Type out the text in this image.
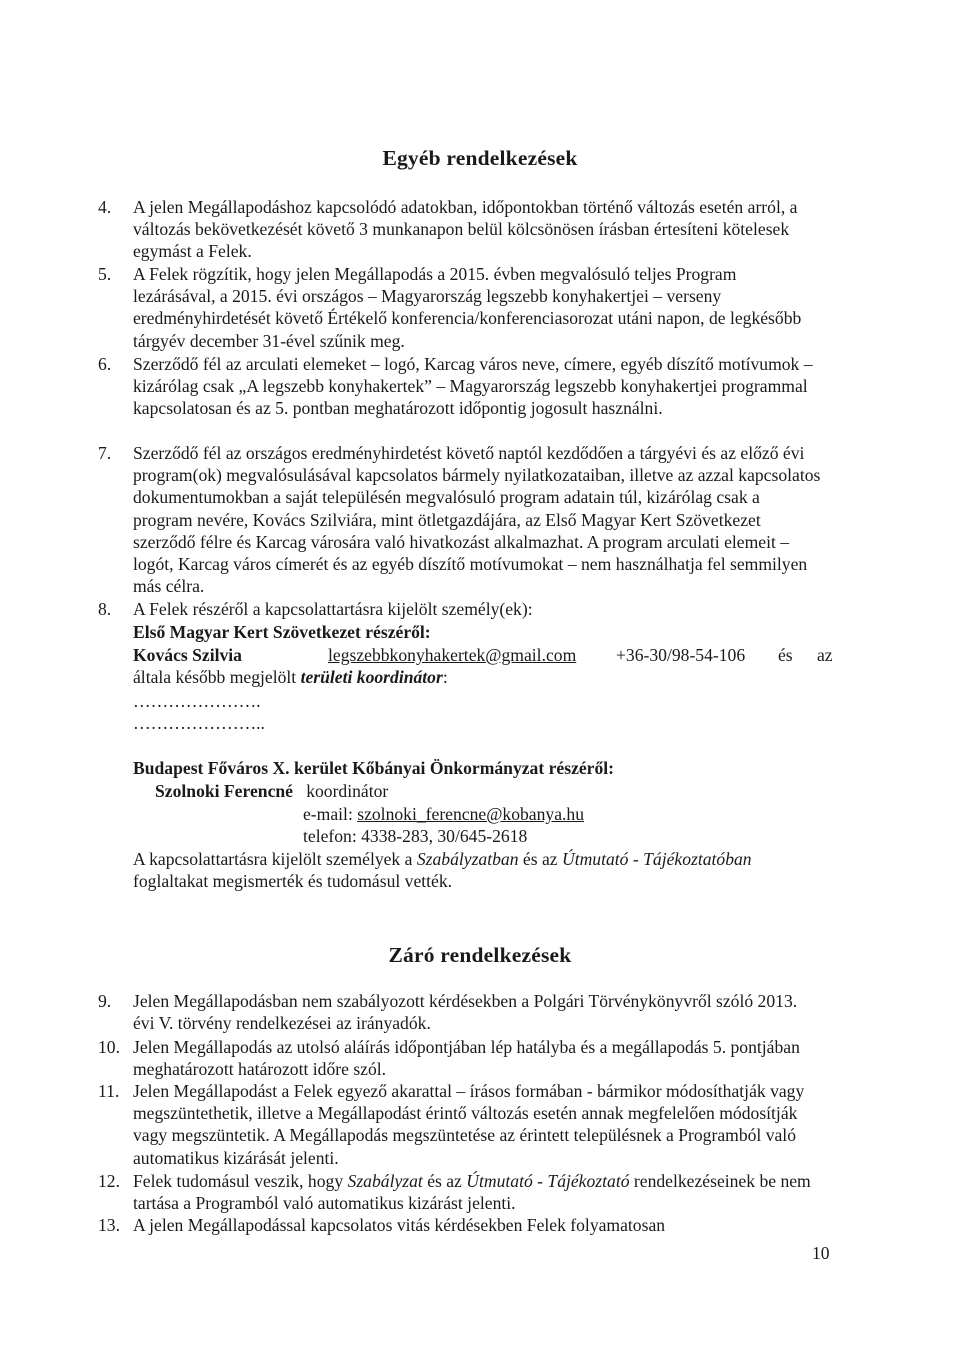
Egyéb rendelkezések
4. A jelen Megállapodáshoz kapcsolódó adatokban, időpontokban történő változás esetén arról, a változás bekövetkezését követő 3 munkanapon belül kölcsönösen írásban értesíteni kötelesek egymást a Felek.
5. A Felek rögzítik, hogy jelen Megállapodás a 2015. évben megvalósuló teljes Program lezárásával, a 2015. évi országos – Magyarország legszebb konyhakertjei – verseny eredményhirdetését követő Értékelő konferencia/konferenciasorozat utáni napon, de legkésőbb tárgyév december 31-ével szűnik meg.
6. Szerződő fél az arculati elemeket – logó, Karcag város neve, címere, egyéb díszítő motívumok – kizárólag csak „A legszebb konyhakertek” – Magyarország legszebb konyhakertjei programmal kapcsolatosan és az 5. pontban meghatározott időpontig jogosult használni.
7. Szerződő fél az országos eredményhirdetést követő naptól kezdődően a tárgyévi és az előző évi program(ok) megvalósulásával kapcsolatos bármely nyilatkozataiban, illetve az azzal kapcsolatos dokumentumokban a saját településén megvalósuló program adatain túl, kizárólag csak a program nevére, Kovács Szilviára, mint ötletgazdájára, az Első Magyar Kert Szövetkezet szerződő félre és Karcag városára való hivatkozást alkalmazhat. A program arculati elemeit – logót, Karcag város címerét és az egyéb díszítő motívumokat – nem használhatja fel semmilyen más célra.
8. A Felek részéről a kapcsolattartásra kijelölt személy(ek):
Első Magyar Kert Szövetkezet részéről:
Kovács Szilvia	legszebbkonyhakertek@gmail.com +36-30/98-54-106 és az
általa később megjelölt területi koordinátor:
………………….
…………………..
Budapest Főváros X. kerület Kőbányai Önkormányzat részéről:
Szolnoki Ferencné koordinátor
e-mail: szolnoki_ferencne@kobanya.hu
telefon: 4338-283, 30/645-2618
A kapcsolattartásra kijelölt személyek a Szabályzatban és az Útmutató - Tájékoztatóban foglaltakat megismerték és tudomásul vették.
Záró rendelkezések
9. Jelen Megállapodásban nem szabályozott kérdésekben a Polgári Törvénykönyvről szóló 2013. évi V. törvény rendelkezései az irányadók.
10. Jelen Megállapodás az utolsó aláírás időpontjában lép hatályba és a megállapodás 5. pontjában meghatározott határozott időre szól.
11. Jelen Megállapodást a Felek egyező akarattal – írásos formában - bármikor módosíthatják vagy megszüntethetik, illetve a Megállapodást érintő változás esetén annak megfelelően módosítják vagy megszüntetik. A Megállapodás megszüntetése az érintett településnek a Programból való automatikus kizárását jelenti.
12. Felek tudomásul veszik, hogy Szabályzat és az Útmutató - Tájékoztató rendelkezéseinek be nem tartása a Programból való automatikus kizárást jelenti.
13. A jelen Megállapodással kapcsolatos vitás kérdésekben Felek folyamatosan
10
